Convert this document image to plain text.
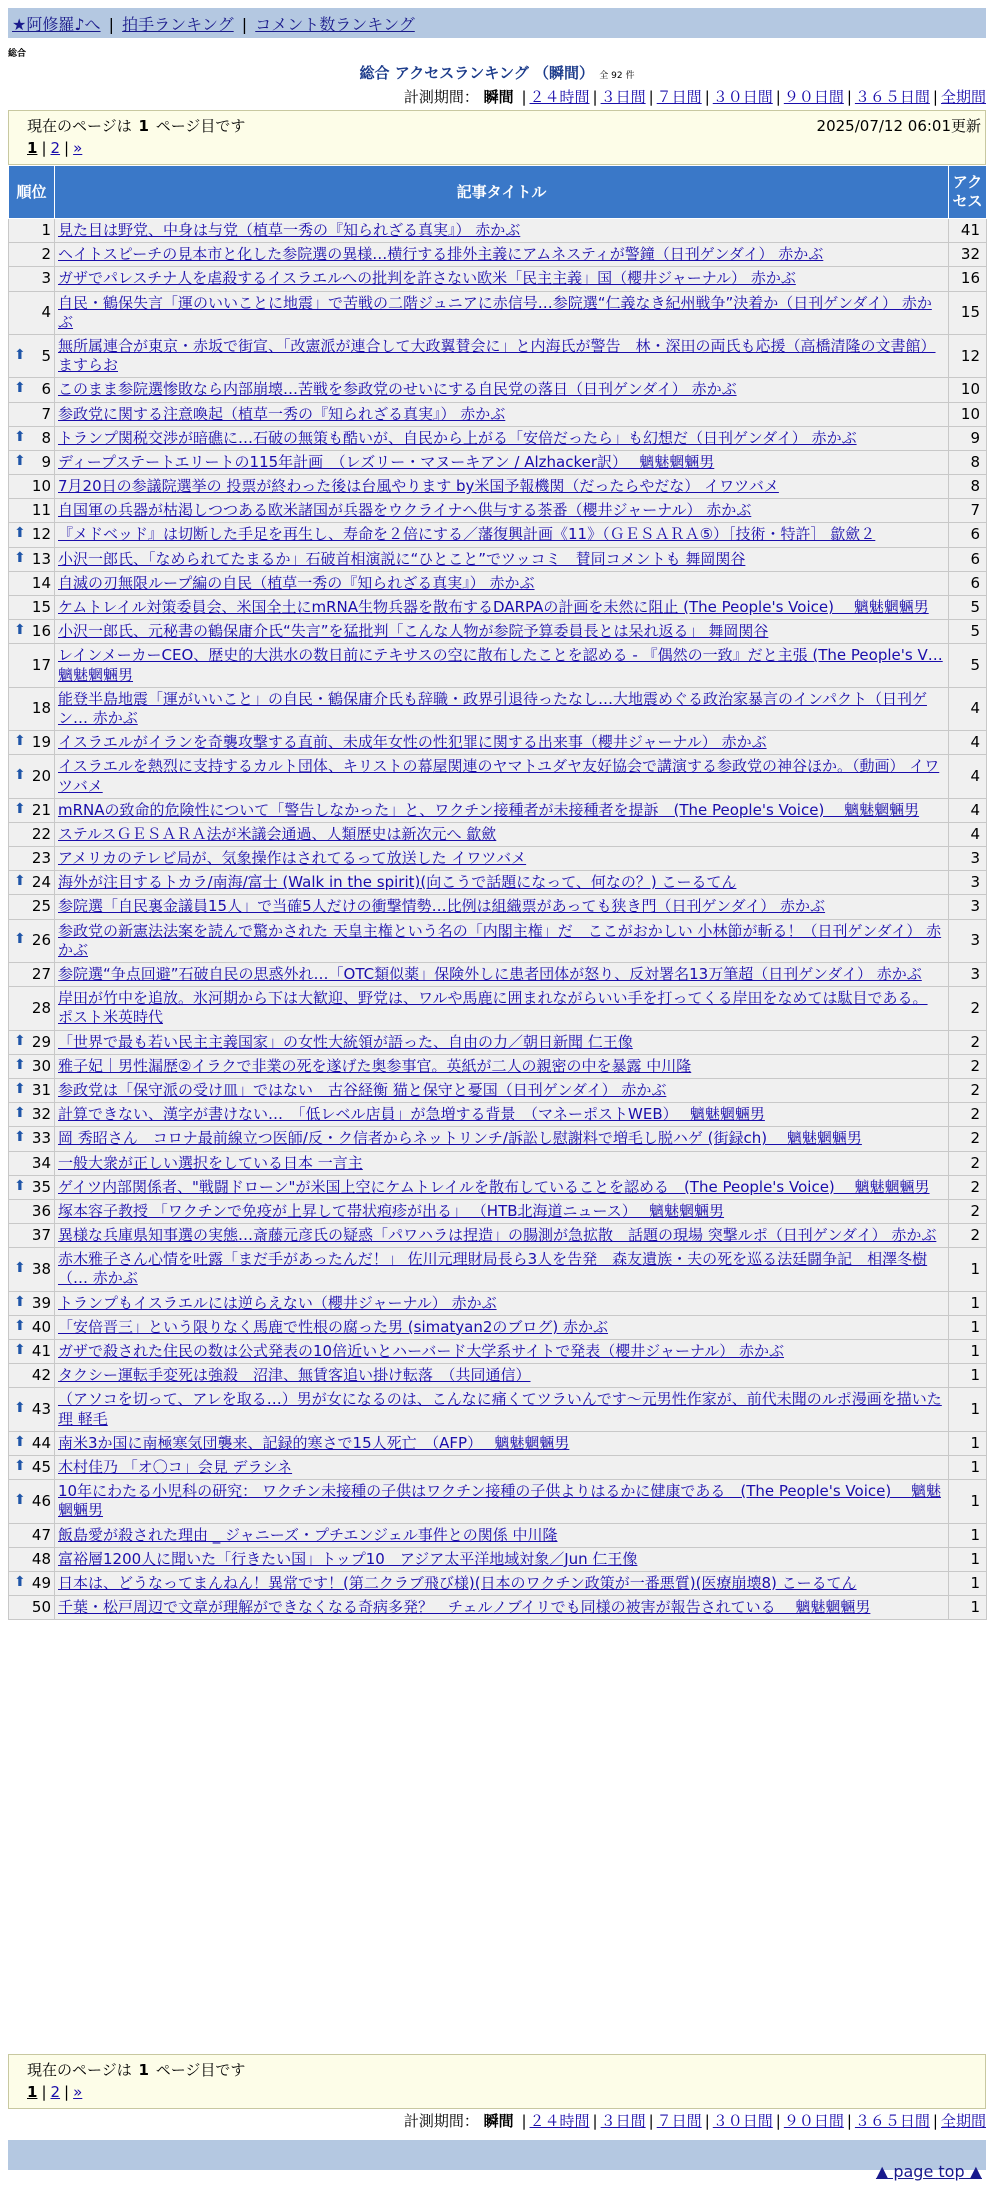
★阿修羅♪へ | 拍手ランキング | コメント数ランキング
総合
総合 アクセスランキング （瞬間） 全 92 件
計測期間： 瞬間 | ２４時間 | ３日間 | ７日間 | ３０日間 | ９０日間 | ３６５日間 | 全期間
現在のページは 1 ページ目です	2025/07/12 06:01更新
1 | 2 | »
順位	記事タイトル	アクセス
1	見た目は野党、中身は与党（植草一秀の『知られざる真実』） 赤かぶ	41
2	ヘイトスピーチの見本市と化した参院選の異様…横行する排外主義にアムネスティが警鐘（日刊ゲンダイ） 赤かぶ	32
3	ガザでパレスチナ人を虐殺するイスラエルへの批判を許さない欧米「民主主義」国（櫻井ジャーナル） 赤かぶ	16
4	自民・鶴保失言「運のいいことに地震」で苦戦の二階ジュニアに赤信号…参院選“仁義なき紀州戦争”決着か（日刊ゲンダイ） 赤かぶ	15

⬆ 5	無所属連合が東京・赤坂で街宣、「改憲派が連合して大政翼賛会に」と内海氏が警告　林・深田の両氏も応援（高橋清隆の文書館） ますらお	12

⬆ 6	このまま参院選惨敗なら内部崩壊…苦戦を参政党のせいにする自民党の落日（日刊ゲンダイ） 赤かぶ	10
7	参政党に関する注意喚起（植草一秀の『知られざる真実』） 赤かぶ	10

⬆ 8	トランプ関税交渉が暗礁に…石破の無策も酷いが、自民から上がる「安倍だったら」も幻想だ（日刊ゲンダイ） 赤かぶ	9

⬆ 9	ディープステートエリートの115年計画　（レズリー・マヌーキアン / Alzhacker訳）　 魑魅魍魎男	8
10	7月20日の参議院選挙の 投票が終わった後は台風やります by米国予報機関（だったらやだな） イワツバメ	8
11	自国軍の兵器が枯渇しつつある欧米諸国が兵器をウクライナへ供与する茶番（櫻井ジャーナル） 赤かぶ	7

⬆ 12	『メドベッド』は切断した手足を再生し、寿命を２倍にする／藩復興計画《11》（ＧＥＳＡＲＡ⑤）［技術・特許］ 歙歛２	6

⬆ 13	小沢一郎氏、「なめられてたまるか」石破首相演説に“ひとこと”でツッコミ　賛同コメントも 舞岡関谷	6
14	自滅の刃無限ループ編の自民（植草一秀の『知られざる真実』） 赤かぶ	6
15	ケムトレイル対策委員会、米国全土にmRNA生物兵器を散布するDARPAの計画を未然に阻止 (The People's Voice)　 魑魅魍魎男	5

⬆ 16	小沢一郎氏、元秘書の鶴保庸介氏“失言”を猛批判「こんな人物が参院予算委員長とは呆れ返る」 舞岡関谷	5
17	レインメーカーCEO、歴史的大洪水の数日前にテキサスの空に散布したことを認める - 『偶然の一致』だと主張 (The People's V… 魑魅魍魎男	5
18	能登半島地震「運がいいこと」の自民・鶴保庸介氏も辞職・政界引退待ったなし…大地震めぐる政治家暴言のインパクト（日刊ゲン… 赤かぶ	4

⬆ 19	イスラエルがイランを奇襲攻撃する直前、未成年女性の性犯罪に関する出来事（櫻井ジャーナル） 赤かぶ	4

⬆ 20	イスラエルを熱烈に支持するカルト団体、キリストの幕屋関連のヤマトユダヤ友好協会で講演する参政党の神谷ほか。（動画） イワツバメ	4

⬆ 21	mRNAの致命的危険性について「警告しなかった」と、ワクチン接種者が未接種者を提訴　(The People's Voice)　 魑魅魍魎男	4
22	ステルスＧＥＳＡＲＡ法が米議会通過、人類歴史は新次元へ 歙歛	4
23	アメリカのテレビ局が、気象操作はされてるって放送した イワツバメ	3

⬆ 24	海外が注目するトカラ/南海/富士 (Walk in the spirit)(向こうで話題になって、何なの？) こーるてん	3
25	参院選「自民裏金議員15人」で当確5人だけの衝撃情勢…比例は組織票があっても狭き門（日刊ゲンダイ） 赤かぶ	3

⬆ 26	参政党の新憲法法案を読んで驚かされた 天皇主権という名の「内閣主権」だ　ここがおかしい 小林節が斬る！（日刊ゲンダイ） 赤かぶ	3
27	参院選“争点回避”石破自民の思惑外れ…「OTC類似薬」保険外しに患者団体が怒り、反対署名13万筆超（日刊ゲンダイ） 赤かぶ	3
28	岸田が竹中を追放。氷河期から下は大歓迎、野党は、ワルや馬鹿に囲まれながらいい手を打ってくる岸田をなめては駄目である。 ポスト米英時代	2

⬆ 29	「世界で最も若い民主主義国家」の女性大統領が語った、自由の力／朝日新聞 仁王像	2

⬆ 30	雅子妃｜男性漏歴②イラクで非業の死を遂げた奥参事官。英紙が二人の親密の中を暴露 中川隆	2

⬆ 31	参政党は「保守派の受け皿」ではない　古谷経衡 猫と保守と憂国（日刊ゲンダイ） 赤かぶ	2

⬆ 32	計算できない、漢字が書けない…　「低レベル店員」が急増する背景　（マネーポストWEB）　 魑魅魍魎男	2

⬆ 33	岡 秀昭さん　コロナ最前線立つ医師/反・ク信者からネットリンチ/訴訟し慰謝料で増毛し脱ハゲ (街録ch)　 魑魅魍魎男	2
34	一般大衆が正しい選択をしている日本 一言主	2

⬆ 35	ゲイツ内部関係者、"戦闘ドローン"が米国上空にケムトレイルを散布していることを認める　(The People's Voice)　 魑魅魍魎男	2
36	塚本容子教授 「ワクチンで免疫が上昇して帯状疱疹が出る」 （HTB北海道ニュース）　 魑魅魍魎男	2
37	異様な兵庫県知事選の実態…斎藤元彦氏の疑惑「パワハラは捏造」の腸測が急拡散　話題の現場 突撃ルポ（日刊ゲンダイ） 赤かぶ	2

⬆ 38	赤木雅子さん心情を吐露「まだ手があったんだ！」 佐川元理財局長ら3人を告発　森友遺族・夫の死を巡る法廷闘争記　相澤冬樹（… 赤かぶ	1

⬆ 39	トランプもイスラエルには逆らえない（櫻井ジャーナル） 赤かぶ	1

⬆ 40	「安倍晋三」という限りなく馬鹿で性根の腐った男 (simatyan2のブログ) 赤かぶ	1

⬆ 41	ガザで殺された住民の数は公式発表の10倍近いとハーバード大学系サイトで発表（櫻井ジャーナル） 赤かぶ	1
42	タクシー運転手変死は強殺　沼津、無賃客追い掛け転落　（共同通信）	1

⬆ 43	（アソコを切って、アレを取る…）男が女になるのは、こんなに痛くてツラいんです〜元男性作家が、前代未聞のルポ漫画を描いた理 軽毛	1

⬆ 44	南米3か国に南極寒気団襲来、記録的寒さで15人死亡　（AFP）　 魑魅魍魎男	1

⬆ 45	木村佳乃 「オ〇コ」会見 デラシネ	1

⬆ 46	10年にわたる小児科の研究： ワクチン未接種の子供はワクチン接種の子供よりはるかに健康である　(The People's Voice)　 魑魅魍魎男	1
47	飯島愛が殺された理由 _ ジャニーズ・プチエンジェル事件との関係 中川隆	1
48	富裕層1200人に聞いた「行きたい国」トップ10　アジア太平洋地域対象／Jun 仁王像	1

⬆ 49	日本は、どうなってまんねん！異常です！(第二クラブ飛び様)(日本のワクチン政策が一番悪質)(医療崩壊8) こーるてん	1
50	千葉・松戸周辺で文章が理解ができなくなる奇病多発？　チェルノブイリでも同様の被害が報告されている　 魑魅魍魎男	1
現在のページは 1 ページ目です
1 | 2 | »
計測期間： 瞬間 | ２４時間 | ３日間 | ７日間 | ３０日間 | ９０日間 | ３６５日間 | 全期間
▲ page top ▲
